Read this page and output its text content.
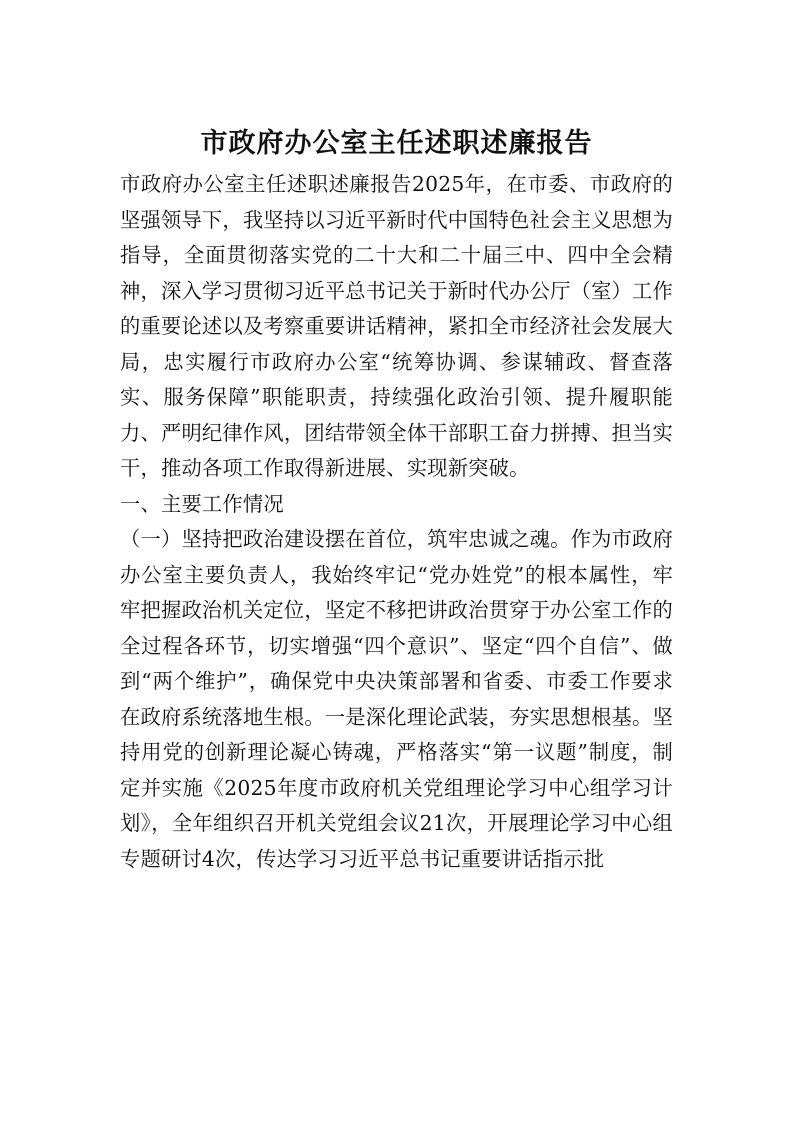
市政府办公室主任述职述廉报告

市政府办公室主任述职述廉报告2025年，在市委、市政府的坚强领导下，我坚持以习近平新时代中国特色社会主义思想为指导，全面贯彻落实党的二十大和二十届三中、四中全会精神，深入学习贯彻习近平总书记关于新时代办公厅（室）工作的重要论述以及考察重要讲话精神，紧扣全市经济社会发展大局，忠实履行市政府办公室“统筹协调、参谋辅政、督查落实、服务保障”职能职责，持续强化政治引领、提升履职能力、严明纪律作风，团结带领全体干部职工奋力拼搏、担当实干，推动各项工作取得新进展、实现新突破。

一、主要工作情况

（一）坚持把政治建设摆在首位，筑牢忠诚之魂。作为市政府办公室主要负责人，我始终牢记“党办姓党”的根本属性，牢牢把握政治机关定位，坚定不移把讲政治贯穿于办公室工作的全过程各环节，切实增强“四个意识”、坚定“四个自信”、做到“两个维护”，确保党中央决策部署和省委、市委工作要求在政府系统落地生根。一是深化理论武装，夯实思想根基。坚持用党的创新理论凝心铸魂，严格落实“第一议题”制度，制定并实施《2025年度市政府机关党组理论学习中心组学习计划》，全年组织召开机关党组会议21次，开展理论学习中心组专题研讨4次，传达学习习近平总书记重要讲话指示批
